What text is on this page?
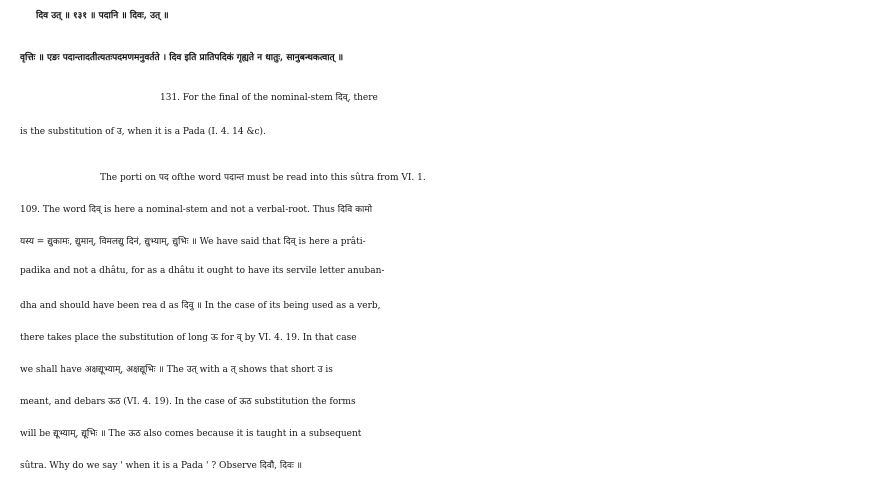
दिव उत् ॥ १३१ ॥ पदानि ॥ दिवः, उत् ॥
वृत्तिः ॥ एङः पदान्तादतीत्यतःपदमणमनुवर्तते । दिव इति प्रातिपदिकं गृह्यते न धातुः, सानुबन्धकत्वात् ॥
131. For the final of the nominal-stem दिव्, there
is the substitution of उ, when it is a Pada (I. 4. 14 &c).
The porti on पद ofthe word पदान्त must be read into this sûtra from VI. 1.
109. The word दिव् is here a nominal-stem and not a verbal-root. Thus दिवि कामो
यस्य = द्युकामः, द्युमान्, विमलद्यु दिनं, द्युभ्याम्, द्युभिः ॥ We have said that दिव् is here a prâti-
padika and not a dhâtu, for as a dhâtu it ought to have its servile letter anuban-
dha and should have been rea d as दिवु ॥ In the case of its being used as a verb,
there takes place the substitution of long ऊ for व् by VI. 4. 19. In that case
we shall have अक्षद्यूभ्याम्, अक्षद्यूभिः ॥ The उत् with a त् shows that short उ is
meant, and debars ऊठ (VI. 4. 19). In the case of ऊठ substitution the forms
will be द्यूभ्याम्, द्यूभिः ॥ The ऊठ also comes because it is taught in a subsequent
sûtra. Why do we say ' when it is a Pada ' ? Observe दिवौ, दिवः ॥
